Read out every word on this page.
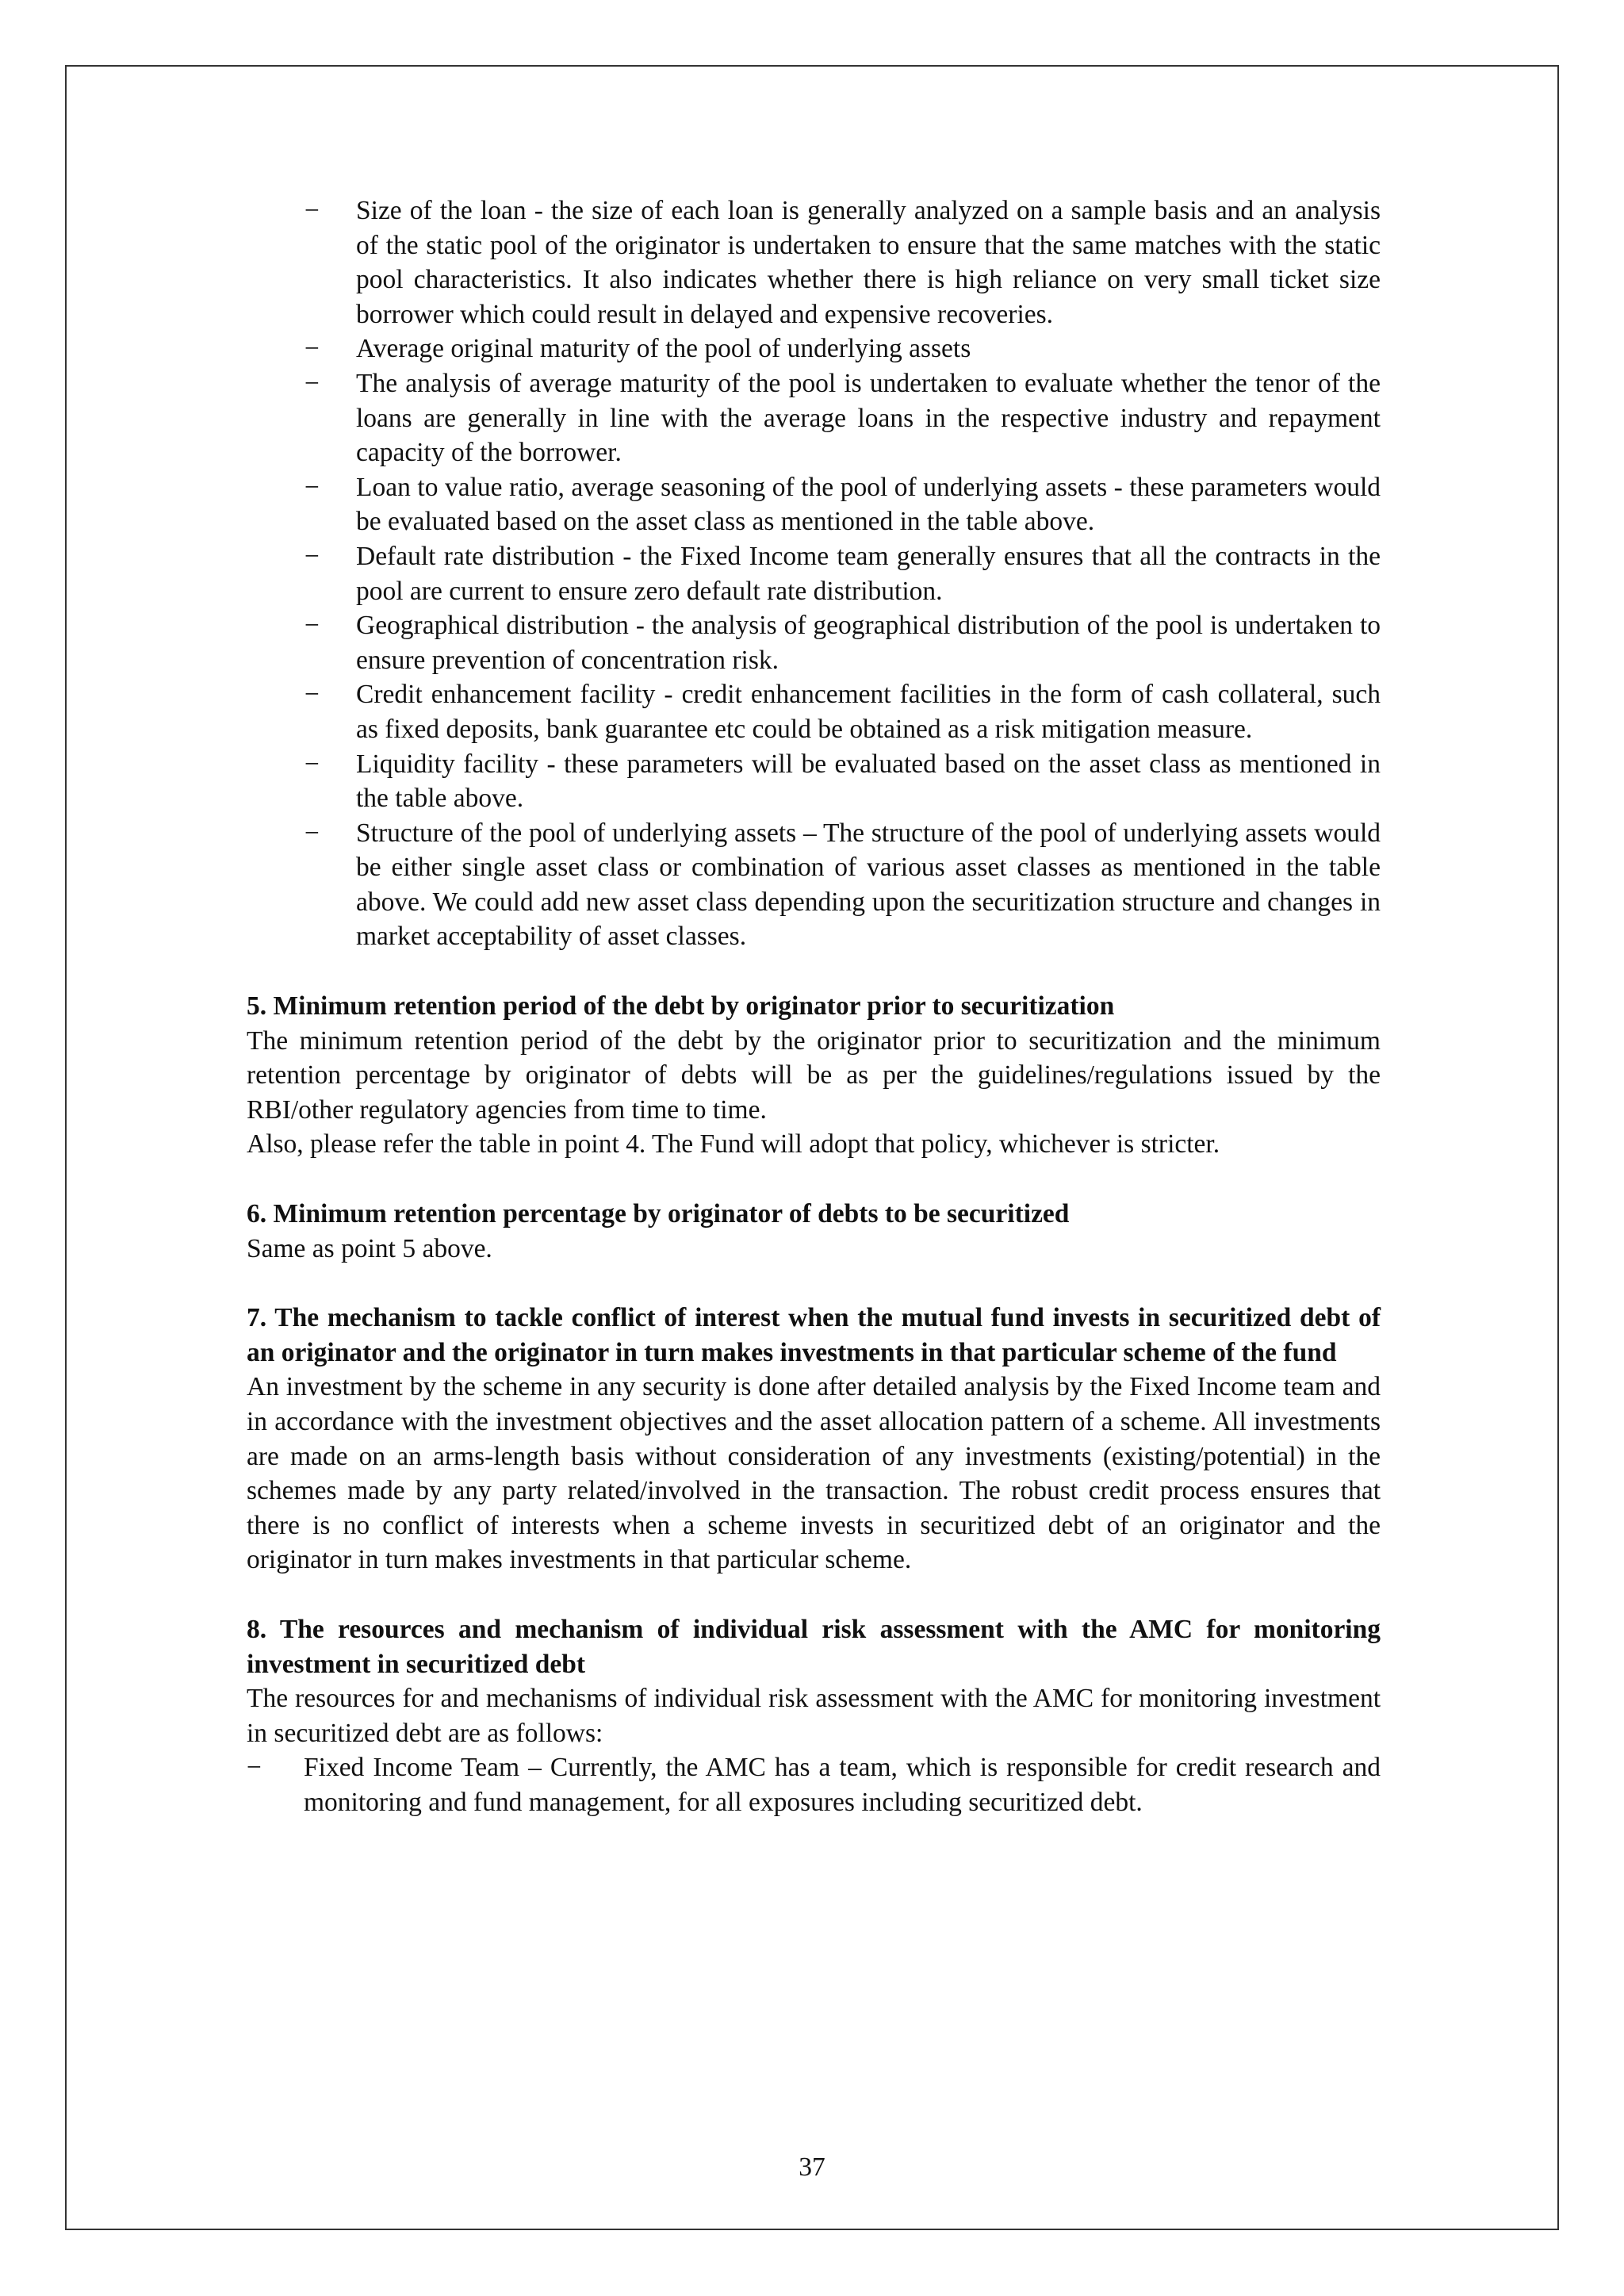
− Size of the loan - the size of each loan is generally analyzed on a sample basis and an analysis of the static pool of the originator is undertaken to ensure that the same matches with the static pool characteristics. It also indicates whether there is high reliance on very small ticket size borrower which could result in delayed and expensive recoveries.
− Average original maturity of the pool of underlying assets
− The analysis of average maturity of the pool is undertaken to evaluate whether the tenor of the loans are generally in line with the average loans in the respective industry and repayment capacity of the borrower.
− Loan to value ratio, average seasoning of the pool of underlying assets - these parameters would be evaluated based on the asset class as mentioned in the table above.
− Default rate distribution - the Fixed Income team generally ensures that all the contracts in the pool are current to ensure zero default rate distribution.
− Geographical distribution - the analysis of geographical distribution of the pool is undertaken to ensure prevention of concentration risk.
− Credit enhancement facility - credit enhancement facilities in the form of cash collateral, such as fixed deposits, bank guarantee etc could be obtained as a risk mitigation measure.
− Liquidity facility - these parameters will be evaluated based on the asset class as mentioned in the table above.
− Structure of the pool of underlying assets – The structure of the pool of underlying assets would be either single asset class or combination of various asset classes as mentioned in the table above. We could add new asset class depending upon the securitization structure and changes in market acceptability of asset classes.
5. Minimum retention period of the debt by originator prior to securitization

The minimum retention period of the debt by the originator prior to securitization and the minimum retention percentage by originator of debts will be as per the guidelines/regulations issued by the RBI/other regulatory agencies from time to time.

Also, please refer the table in point 4. The Fund will adopt that policy, whichever is stricter.

6. Minimum retention percentage by originator of debts to be securitized

Same as point 5 above.

7. The mechanism to tackle conflict of interest when the mutual fund invests in securitized debt of an originator and the originator in turn makes investments in that particular scheme of the fund

An investment by the scheme in any security is done after detailed analysis by the Fixed Income team and in accordance with the investment objectives and the asset allocation pattern of a scheme. All investments are made on an arms-length basis without consideration of any investments (existing/potential) in the schemes made by any party related/involved in the transaction. The robust credit process ensures that there is no conflict of interests when a scheme invests in securitized debt of an originator and the originator in turn makes investments in that particular scheme.

8. The resources and mechanism of individual risk assessment with the AMC for monitoring investment in securitized debt

The resources for and mechanisms of individual risk assessment with the AMC for monitoring investment in securitized debt are as follows:

− Fixed Income Team – Currently, the AMC has a team, which is responsible for credit research and monitoring and fund management, for all exposures including securitized debt.
37
